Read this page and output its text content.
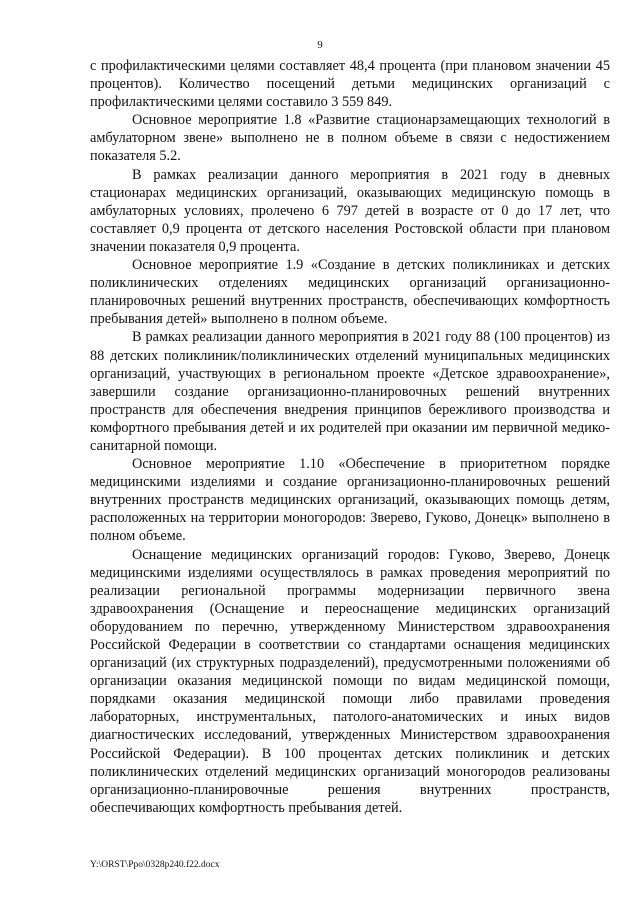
9

с профилактическими целями составляет 48,4 процента (при плановом значении 45 процентов). Количество посещений детьми медицинских организаций с профилактическими целями составило 3 559 849.

Основное мероприятие 1.8 «Развитие стационарзамещающих технологий в амбулаторном звене» выполнено не в полном объеме в связи с недостижением показателя 5.2.

В рамках реализации данного мероприятия в 2021 году в дневных стационарах медицинских организаций, оказывающих медицинскую помощь в амбулаторных условиях, пролечено 6 797 детей в возрасте от 0 до 17 лет, что составляет 0,9 процента от детского населения Ростовской области при плановом значении показателя 0,9 процента.

Основное мероприятие 1.9 «Создание в детских поликлиниках и детских поликлинических отделениях медицинских организаций организационно-планировочных решений внутренних пространств, обеспечивающих комфортность пребывания детей» выполнено в полном объеме.

В рамках реализации данного мероприятия в 2021 году 88 (100 процентов) из 88 детских поликлиник/поликлинических отделений муниципальных медицинских организаций, участвующих в региональном проекте «Детское здравоохранение», завершили создание организационно-планировочных решений внутренних пространств для обеспечения внедрения принципов бережливого производства и комфортного пребывания детей и их родителей при оказании им первичной медико-санитарной помощи.

Основное мероприятие 1.10 «Обеспечение в приоритетном порядке медицинскими изделиями и создание организационно-планировочных решений внутренних пространств медицинских организаций, оказывающих помощь детям, расположенных на территории моногородов: Зверево, Гуково, Донецк» выполнено в полном объеме.

Оснащение медицинских организаций городов: Гуково, Зверево, Донецк медицинскими изделиями осуществлялось в рамках проведения мероприятий по реализации региональной программы модернизации первичного звена здравоохранения (Оснащение и переоснащение медицинских организаций оборудованием по перечню, утвержденному Министерством здравоохранения Российской Федерации в соответствии со стандартами оснащения медицинских организаций (их структурных подразделений), предусмотренными положениями об организации оказания медицинской помощи по видам медицинской помощи, порядками оказания медицинской помощи либо правилами проведения лабораторных, инструментальных, патолого-анатомических и иных видов диагностических исследований, утвержденных Министерством здравоохранения Российской Федерации). В 100 процентах детских поликлиник и детских поликлинических отделений медицинских организаций моногородов реализованы организационно-планировочные решения внутренних пространств, обеспечивающих комфортность пребывания детей.

Y:\ORST\Ppo\0328p240.f22.docx
